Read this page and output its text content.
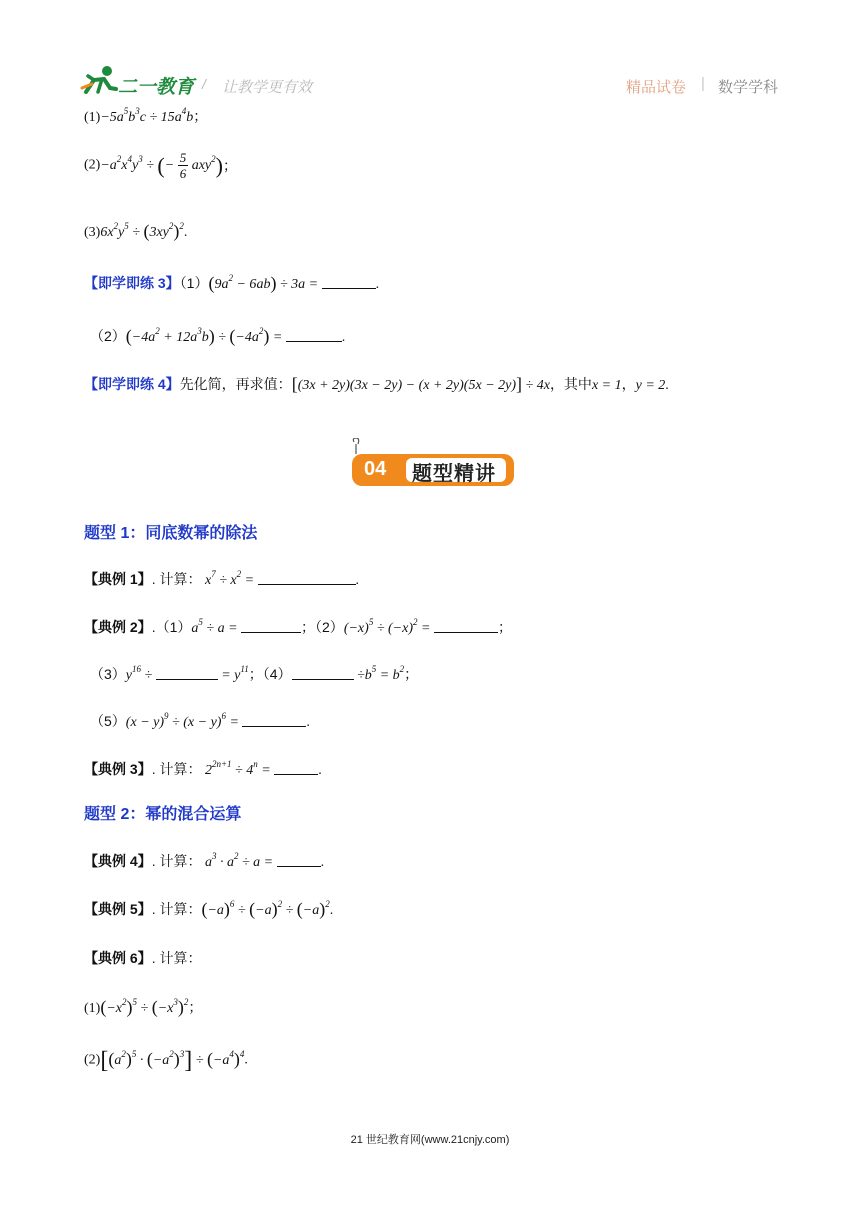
二一教育 / 让教学更有效	精品试卷 | 数学学科
$(1)-5a^5b^3c \div 15a^4b$；
$(2)-a^2x^4y^3$ ÷ (− $\frac{5}{6} axy^2$)；
$(3)6x^2y^5 \div (3xy^2)^2$.
【即学即练 3】$(1)(9a^2 - 6ab) \div 3a$ =	.
$(2)(-4a^2 + 12a^3b) \div (-4a^2)$ =	.
【即学即练 4】先化简，再求值：[(3x + 2y)(3x − 2y) − (x + 2y)(5x − 2y)] ÷ 4x，其中x = 1，y = 2.
04 题型精讲
题型 1：同底数幂的除法
【典例 1】. 计算： $x^7 \div x^2$ =	.
【典例 2】$.(1)a^5 \div a$ =	；$(2)(-x)^5 \div (-x)^2$ =	；
$(3)y^{16}$ ÷	= $y^{11}$；（4）	$\div b^5 = b^2$；
$(5)(x - y)^9 \div (x - y)^6$ =	.
【典例 3】. 计算： $2^{2n+1} \div 4^n$ =	.
题型 2：幂的混合运算
【典例 4】. 计算： $a^3 \cdot a^2 \div a$ =	.
【典例 5】. 计算：$(-a)^6 \div (-a)^2 \div (-a)^2$.
【典例 6】. 计算：
$(1)(-x^2)^5 \div (-x^3)^2$；
$(2)[(a^2)^5 \cdot (-a^2)^3] \div (-a^4)^4$.
21 世纪教育网(www.21cnjy.com)
